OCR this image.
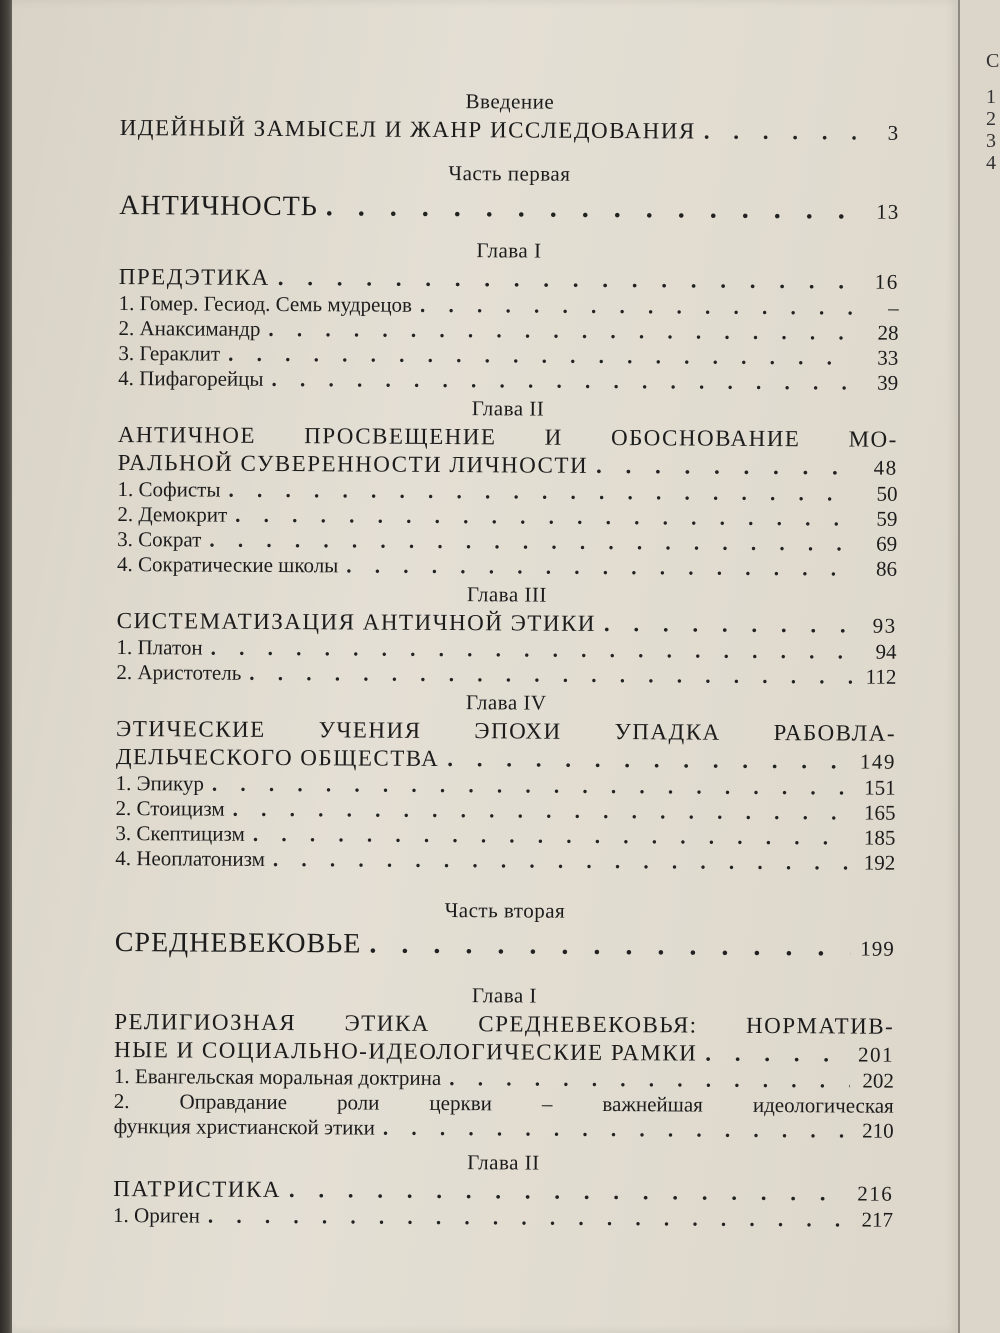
Введение
ИДЕЙНЫЙ ЗАМЫСЕЛ И ЖАНР ИССЛЕДОВАНИЯ . . .	3
Часть первая
АНТИЧНОСТЬ . . .	13
Глава I
ПРЕДЭТИКА . . .	16
1. Гомер. Гесиод. Семь мудрецов . . .	–
2. Анаксимандр . . .	28
3. Гераклит . . .	33
4. Пифагорейцы . . .	39
Глава II
АНТИЧНОЕ ПРОСВЕЩЕНИЕ И ОБОСНОВАНИЕ МО-
РАЛЬНОЙ СУВЕРЕННОСТИ ЛИЧНОСТИ . . .	48
1. Софисты . . .	50
2. Демокрит . . .	59
3. Сократ . . .	69
4. Сократические школы . . .	86
Глава III
СИСТЕМАТИЗАЦИЯ АНТИЧНОЙ ЭТИКИ . . .	93
1. Платон . . .	94
2. Аристотель . . .	112
Глава IV
ЭТИЧЕСКИЕ УЧЕНИЯ ЭПОХИ УПАДКА РАБОВЛА-
ДЕЛЬЧЕСКОГО ОБЩЕСТВА . . .	149
1. Эпикур . . .	151
2. Стоицизм . . .	165
3. Скептицизм . . .	185
4. Неоплатонизм . . .	192
Часть вторая
СРЕДНЕВЕКОВЬЕ . . .	199
Глава I
РЕЛИГИОЗНАЯ ЭТИКА СРЕДНЕВЕКОВЬЯ: НОРМАТИВ-
НЫЕ И СОЦИАЛЬНО-ИДЕОЛОГИЧЕСКИЕ РАМКИ . . .	201
1. Евангельская моральная доктрина . . .	202
2. Оправдание роли церкви – важнейшая идеологическая
функция христианской этики . . .	210
Глава II
ПАТРИСТИКА . . .	216
1. Ориген . . .	217
С
1
2
3
4
